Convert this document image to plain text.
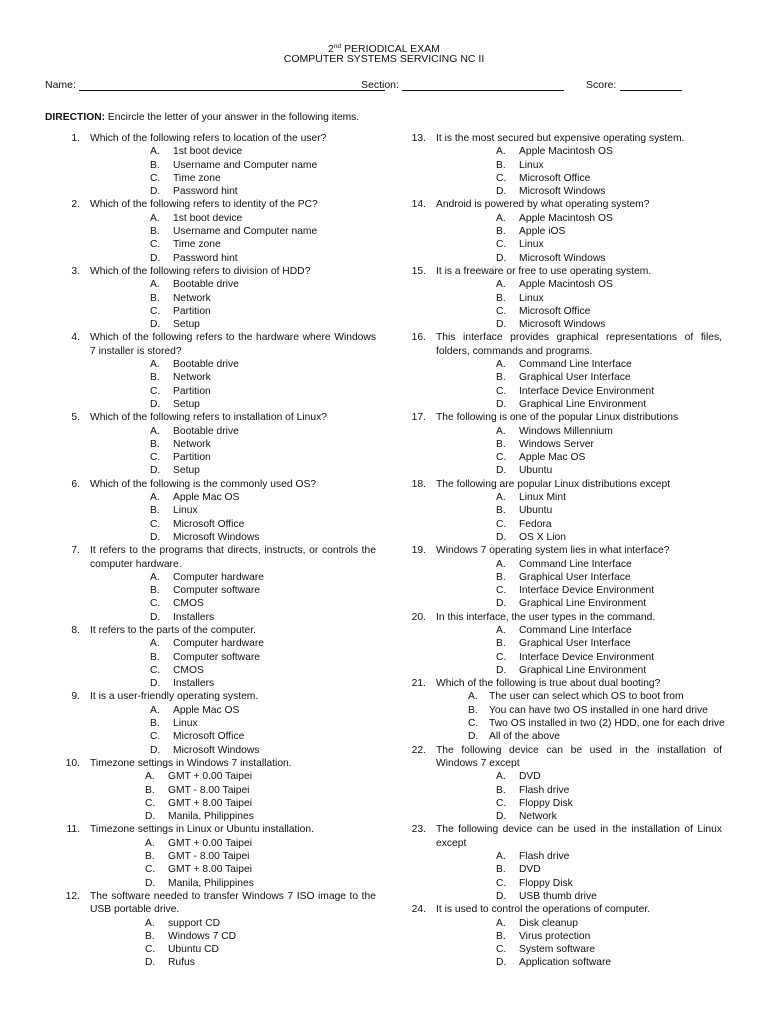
2nd PERIODICAL EXAM
COMPUTER SYSTEMS SERVICING NC II
Name:	Section:	Score:
DIRECTION: Encircle the letter of your answer in the following items.
1. Which of the following refers to location of the user?
A. 1st boot device
B. Username and Computer name
C. Time zone
D. Password hint
2. Which of the following refers to identity of the PC?
A. 1st boot device
B. Username and Computer name
C. Time zone
D. Password hint
3. Which of the following refers to division of HDD?
A. Bootable drive
B. Network
C. Partition
D. Setup
4. Which of the following refers to the hardware where Windows 7 installer is stored?
A. Bootable drive
B. Network
C. Partition
D. Setup
5. Which of the following refers to installation of Linux?
A. Bootable drive
B. Network
C. Partition
D. Setup
6. Which of the following is the commonly used OS?
A. Apple Mac OS
B. Linux
C. Microsoft Office
D. Microsoft Windows
7. It refers to the programs that directs, instructs, or controls the computer hardware.
A. Computer hardware
B. Computer software
C. CMOS
D. Installers
8. It refers to the parts of the computer.
A. Computer hardware
B. Computer software
C. CMOS
D. Installers
9. It is a user-friendly operating system.
A. Apple Mac OS
B. Linux
C. Microsoft Office
D. Microsoft Windows
10. Timezone settings in Windows 7 installation.
A. GMT + 0.00 Taipei
B. GMT - 8.00 Taipei
C. GMT + 8.00 Taipei
D. Manila, Philippines
11. Timezone settings in Linux or Ubuntu installation.
A. GMT + 0.00 Taipei
B. GMT - 8.00 Taipei
C. GMT + 8.00 Taipei
D. Manila, Philippines
12. The software needed to transfer Windows 7 ISO image to the USB portable drive.
A. support CD
B. Windows 7 CD
C. Ubuntu CD
D. Rufus
13. It is the most secured but expensive operating system.
A. Apple Macintosh OS
B. Linux
C. Microsoft Office
D. Microsoft Windows
14. Android is powered by what operating system?
A. Apple Macintosh OS
B. Apple iOS
C. Linux
D. Microsoft Windows
15. It is a freeware or free to use operating system.
A. Apple Macintosh OS
B. Linux
C. Microsoft Office
D. Microsoft Windows
16. This interface provides graphical representations of files, folders, commands and programs.
A. Command Line Interface
B. Graphical User Interface
C. Interface Device Environment
D. Graphical Line Environment
17. The following is one of the popular Linux distributions
A. Windows Millennium
B. Windows Server
C. Apple Mac OS
D. Ubuntu
18. The following are popular Linux distributions except
A. Linux Mint
B. Ubuntu
C. Fedora
D. OS X Lion
19. Windows 7 operating system lies in what interface?
A. Command Line Interface
B. Graphical User Interface
C. Interface Device Environment
D. Graphical Line Environment
20. In this interface, the user types in the command.
A. Command Line Interface
B. Graphical User Interface
C. Interface Device Environment
D. Graphical Line Environment
21. Which of the following is true about dual booting?
A. The user can select which OS to boot from
B. You can have two OS installed in one hard drive
C. Two OS installed in two (2) HDD, one for each drive
D. All of the above
22. The following device can be used in the installation of Windows 7 except
A. DVD
B. Flash drive
C. Floppy Disk
D. Network
23. The following device can be used in the installation of Linux except
A. Flash drive
B. DVD
C. Floppy Disk
D. USB thumb drive
24. It is used to control the operations of computer.
A. Disk cleanup
B. Virus protection
C. System software
D. Application software
